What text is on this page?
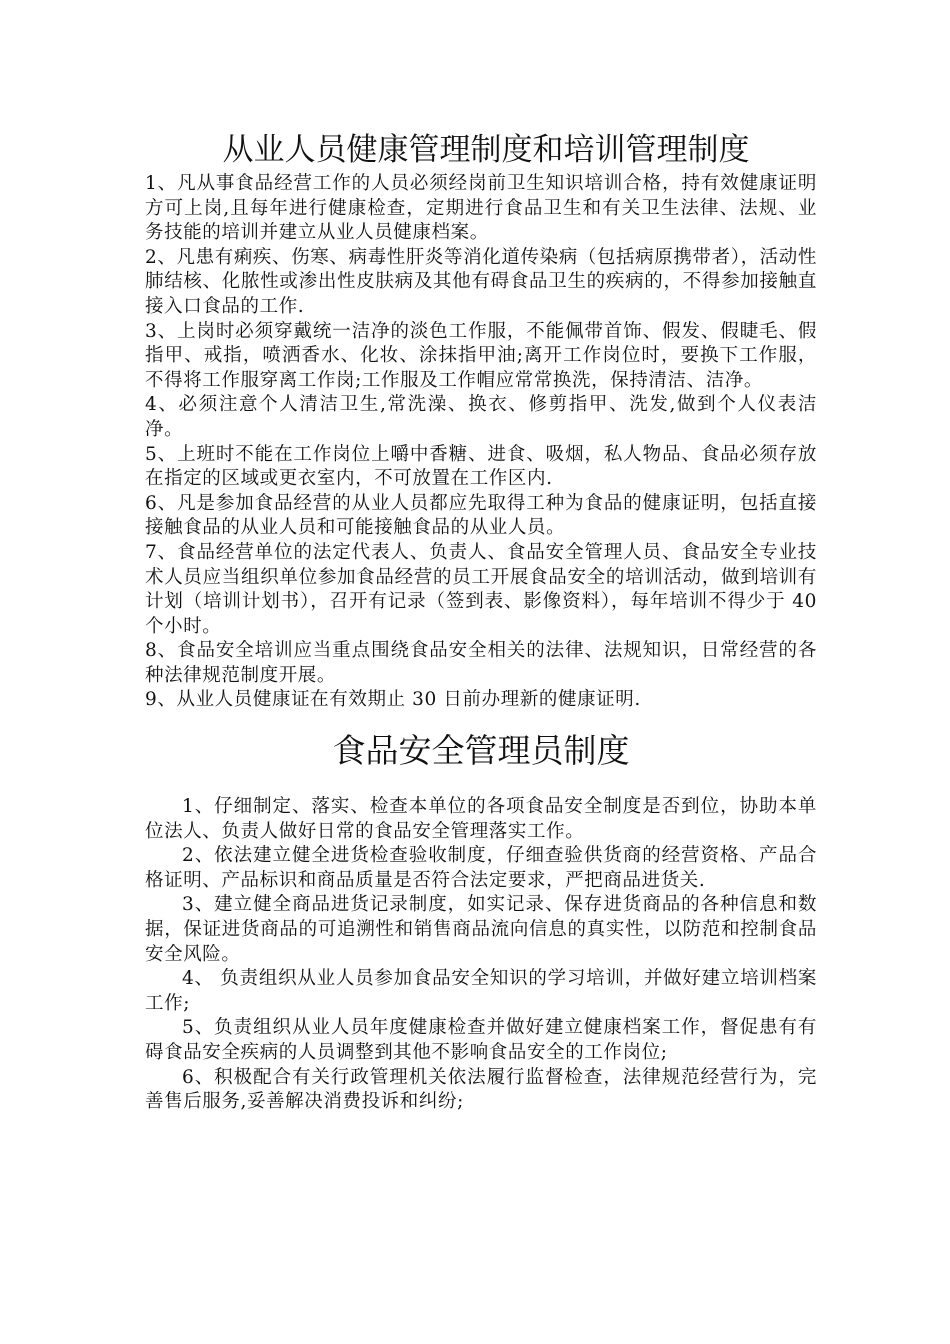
从业人员健康管理制度和培训管理制度

1、凡从事食品经营工作的人员必须经岗前卫生知识培训合格，持有效健康证明方可上岗,且每年进行健康检查，定期进行食品卫生和有关卫生法律、法规、业务技能的培训并建立从业人员健康档案。

2、凡患有痢疾、伤寒、病毒性肝炎等消化道传染病（包括病原携带者），活动性肺结核、化脓性或渗出性皮肤病及其他有碍食品卫生的疾病的，不得参加接触直接入口食品的工作.

3、上岗时必须穿戴统一洁净的淡色工作服，不能佩带首饰、假发、假睫毛、假指甲、戒指，喷洒香水、化妆、涂抹指甲油;离开工作岗位时，要换下工作服，不得将工作服穿离工作岗;工作服及工作帽应常常换洗，保持清洁、洁净。

4、必须注意个人清洁卫生,常洗澡、换衣、修剪指甲、洗发,做到个人仪表洁净。

5、上班时不能在工作岗位上嚼中香糖、进食、吸烟，私人物品、食品必须存放在指定的区域或更衣室内，不可放置在工作区内.

6、凡是参加食品经营的从业人员都应先取得工种为食品的健康证明，包括直接接触食品的从业人员和可能接触食品的从业人员。

7、食品经营单位的法定代表人、负责人、食品安全管理人员、食品安全专业技术人员应当组织单位参加食品经营的员工开展食品安全的培训活动，做到培训有计划（培训计划书），召开有记录（签到表、影像资料），每年培训不得少于 40 个小时。

8、食品安全培训应当重点围绕食品安全相关的法律、法规知识，日常经营的各种法律规范制度开展。

9、从业人员健康证在有效期止 30 日前办理新的健康证明.

食品安全管理员制度

1、仔细制定、落实、检查本单位的各项食品安全制度是否到位，协助本单位法人、负责人做好日常的食品安全管理落实工作。

2、依法建立健全进货检查验收制度，仔细查验供货商的经营资格、产品合格证明、产品标识和商品质量是否符合法定要求，严把商品进货关.

3、建立健全商品进货记录制度，如实记录、保存进货商品的各种信息和数据，保证进货商品的可追溯性和销售商品流向信息的真实性，以防范和控制食品安全风险。

4、 负责组织从业人员参加食品安全知识的学习培训，并做好建立培训档案工作;

5、负责组织从业人员年度健康检查并做好建立健康档案工作，督促患有有碍食品安全疾病的人员调整到其他不影响食品安全的工作岗位;

6、积极配合有关行政管理机关依法履行监督检查，法律规范经营行为，完善售后服务,妥善解决消费投诉和纠纷;
